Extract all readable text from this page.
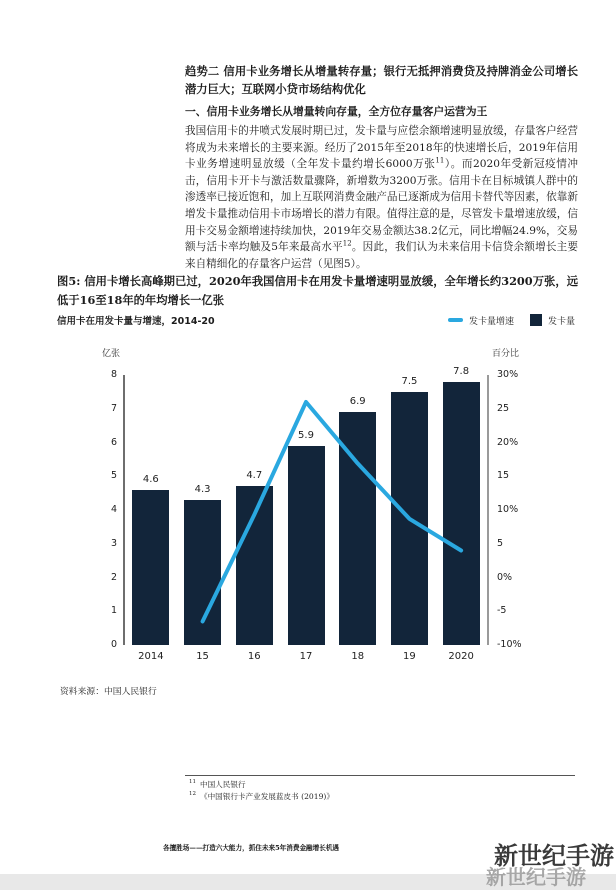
趋势二 信用卡业务增长从增量转存量；银行无抵押消费贷及持牌消金公司增长潜力巨大；互联网小贷市场结构优化
一、信用卡业务增长从增量转向存量，全方位存量客户运营为王

我国信用卡的井喷式发展时期已过，发卡量与应偿余额增速明显放缓，存量客户经营将成为未来增长的主要来源。经历了2015年至2018年的快速增长后，2019年信用卡业务增速明显放缓（全年发卡量约增长6000万张$^{11}$）。而2020年受新冠疫情冲击，信用卡开卡与激活数量骤降，新增数为3200万张。信用卡在目标城镇人群中的渗透率已接近饱和，加上互联网消费金融产品已逐渐成为信用卡替代等因素，依靠新增发卡量推动信用卡市场增长的潜力有限。值得注意的是，尽管发卡量增速放缓，信用卡交易金额增速持续加快，2019年交易金额达38.2亿元，同比增幅24.9%，交易额与活卡率均触及5年来最高水平$^{12}$。因此，我们认为未来信用卡信贷余额增长主要来自精细化的存量客户运营（见图5）。

图5: 信用卡增长高峰期已过，2020年我国信用卡在用发卡量增速明显放缓，全年增长约3200万张，远低于16至18年的年均增长一亿张
信用卡在用发卡量与增速，2014-20	发卡量增速	发卡量
亿张	百分比
8
7
6
5
4
3
2
1
0
30%
25
20%
15
10%
5
0%
-5
-10%
4.6
2014
4.3
15
4.7
16
5.9
17
6.9
18
7.5
19
7.8
2020
资料来源：中国人民银行
$^{11}$ 中国人民银行
$^{12}$ 《中国银行卡产业发展蓝皮书 (2019)》
各擅胜场——打造六大能力，抓住未来5年消费金融增长机遇
新世纪手游
新世纪手游
